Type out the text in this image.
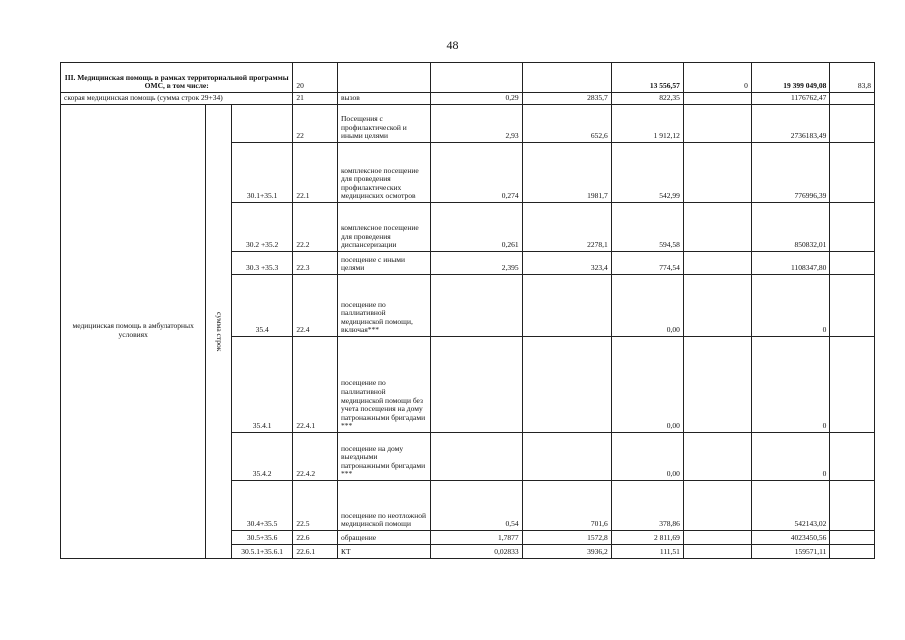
48
III. Медицинская помощь в рамках территориальной программы ОМС, в том числе:			20				13 556,57	0	19 399 049,08	83,8
скорая медицинская помощь (сумма строк 29+34)			21	вызов	0,29	2835,7	822,35		1176762,47	
медицинская помощь в амбулаторных условиях	сумма строк		22	Посещения с профилактической и иными целями	2,93	652,6	1 912,12		2736183,49	
		30.1+35.1	22.1	комплексное посещение для проведения профилактических медицинских осмотров	0,274	1981,7	542,99		776996,39	
		30.2 +35.2	22.2	комплексное посещение для проведения диспансеризации	0,261	2278,1	594,58		850832,01	
		30.3 +35.3	22.3	посещение с иными целями	2,395	323,4	774,54		1108347,80	
		35.4	22.4	посещение по паллиативной медицинской помощи, включая***			0,00		0	
		35.4.1	22.4.1	посещение по паллиативной медицинской помощи без учета посещения на дому патронажными бригадами ***			0,00		0	
		35.4.2	22.4.2	посещение на дому выездными патронажными бригадами ***			0,00		0	
		30.4+35.5	22.5	посещение по неотложной медицинской помощи	0,54	701,6	378,86		542143,02	
		30.5+35.6	22.6	обращение	1,7877	1572,8	2 811,69		4023450,56	
		30.5.1+35.6.1	22.6.1	КТ	0,02833	3936,2	111,51		159571,11	
